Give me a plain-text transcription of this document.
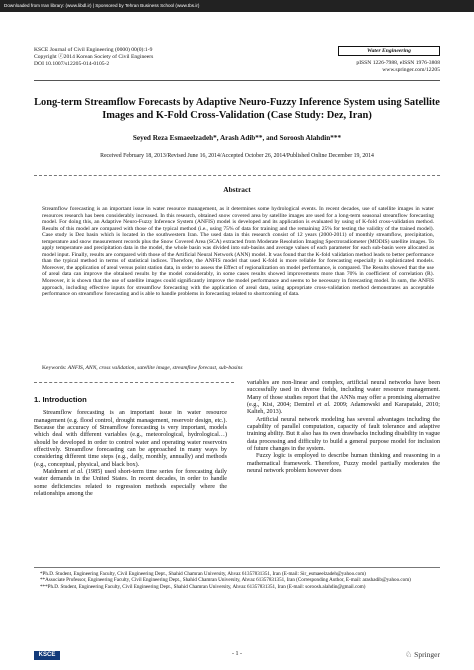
Downloaded from Iran library: (www.libdl.ir) | Sponsored by Tehran Business School (www.tbs.ir)
KSCE Journal of Civil Engineering (0000) 00(0):1-9
Copyright ⓒ2014 Korean Society of Civil Engineers
DOI 10.1007/s12205-014-0105-2
Water Engineering
pISSN 1226-7988, eISSN 1976-3808
www.springer.com/12205
Long-term Streamflow Forecasts by Adaptive Neuro-Fuzzy Inference System using Satellite Images and K-Fold Cross-Validation (Case Study: Dez, Iran)
Seyed Reza Esmaeelzadeh*, Arash Adib**, and Soroosh Alahdin***
Received February 18, 2013/Revised June 16, 2014/Accepted October 26, 2014/Published Online December 19, 2014
Abstract
Streamflow forecasting is an important issue in water resource management, as it determines some hydrological events. In recent decades, use of satellite images in water resources research has been considerably increased. In this research, obtained snow covered area by satellite images are used for a long-term seasonal streamflow forecasting model. For doing this, an Adaptive Neuro-Fuzzy Inference System (ANFIS) model is developed and its application is evaluated by using of K-fold cross-validation method. Results of this model are compared with those of the typical method (i.e., using 75% of data for training and the remaining 25% for testing the validity of the trained model). Case study is Dez basin which is located in the southwestern Iran. The used data in this research consist of 12 years (2000-2011) of monthly streamflow, precipitation, temperature and snow measurement records plus the Snow Covered Area (SCA) extracted from Moderate Resolution Imaging Spectroradiometer (MODIS) satellite images. To apply temperature and precipitation data in the model, the whole basin was divided into sub-basins and average values of each parameter for each sub-basin were allocated as model input. Finally, results are compared with those of the Artificial Neural Network (ANN) model. It was found that the K-fold validation method leads to better performance than the typical method in terms of statistical indices. Therefore, the ANFIS model that used K-fold is more reliable for forecasting especially in sophisticated models. Moreover, the application of areal versus point station data, in order to assess the Effect of regionalization on model performance, is compared. The Results showed that the use of areal data can improve the obtained results by the model considerably, in some cases results showed improvements more than 70% in coefficient of correlation (R). Moreover, it is shown that the use of satellite images could significantly improve the model performance and seems to be necessary in forecasting model. In sum, the ANFIS approach, including effective inputs for streamflow forecasting with the application of areal data, using appropriate cross-validation method demonstrates an acceptable performance on streamflow forecasting and is able to handle problems in forecasting related to shortcoming of data.
Keywords: ANFIS, ANN, cross validation, satellite image, streamflow forecast, sub-basins
1. Introduction

Streamflow forecasting is an important issue in water resource management (e.g. flood control, drought management, reservoir design, etc.). Because the accuracy of Streamflow forecasting is very important, models which deal with different variables (e.g., meteorological, hydrological…) should be developed in order to control water and operating water reservoirs effectively. Streamflow forecasting can be approached in many ways by considering different time steps (e.g., daily, monthly, annually) and methods (e.g., conceptual, physical, and black box).

Maidment et al. (1985) used short-term time series for forecasting daily water demands in the United States. In recent decades, in order to handle some deficiencies related to regression methods especially where the relationships among the

variables are non-linear and complex, artificial neural networks have been successfully used in diverse fields, including water resource management. Many of those studies report that the ANNs may offer a promising alternative (e.g., Kisi, 2004; Demirel et al. 2009; Adamowski and Karapataki, 2010; Kalteh, 2013).

Artificial neural network modeling has several advantages including the capability of parallel computation, capacity of fault tolerance and adaptive training ability. But it also has its own drawbacks including disability in vague data processing and difficulty to build a general purpose model for inclusion of future changes in the system.

Fuzzy logic is employed to describe human thinking and reasoning in a mathematical framework. Therefore, Fuzzy model partially moderates the neural network problem however does

*Ph.D. Student, Engineering Faculty, Civil Engineering Dept., Shahid Chamran University, Ahvaz 61357831351, Iran (E-mail: Sir_esmaeelzadeh@yahoo.com)
**Associate Professor, Engineering Faculty, Civil Engineering Dept., Shahid Chamran University, Ahvaz 61357831351, Iran (Corresponding Author, E-mail: arashadib@yahoo.com)
***Ph.D. Student, Engineering Faculty, Civil Engineering Dept., Shahid Chamran University, Ahvaz 61357831351, Iran (E-mail: soroosh.alahdin@gmail.com)
KSCE	- 1 -	♘ Springer
